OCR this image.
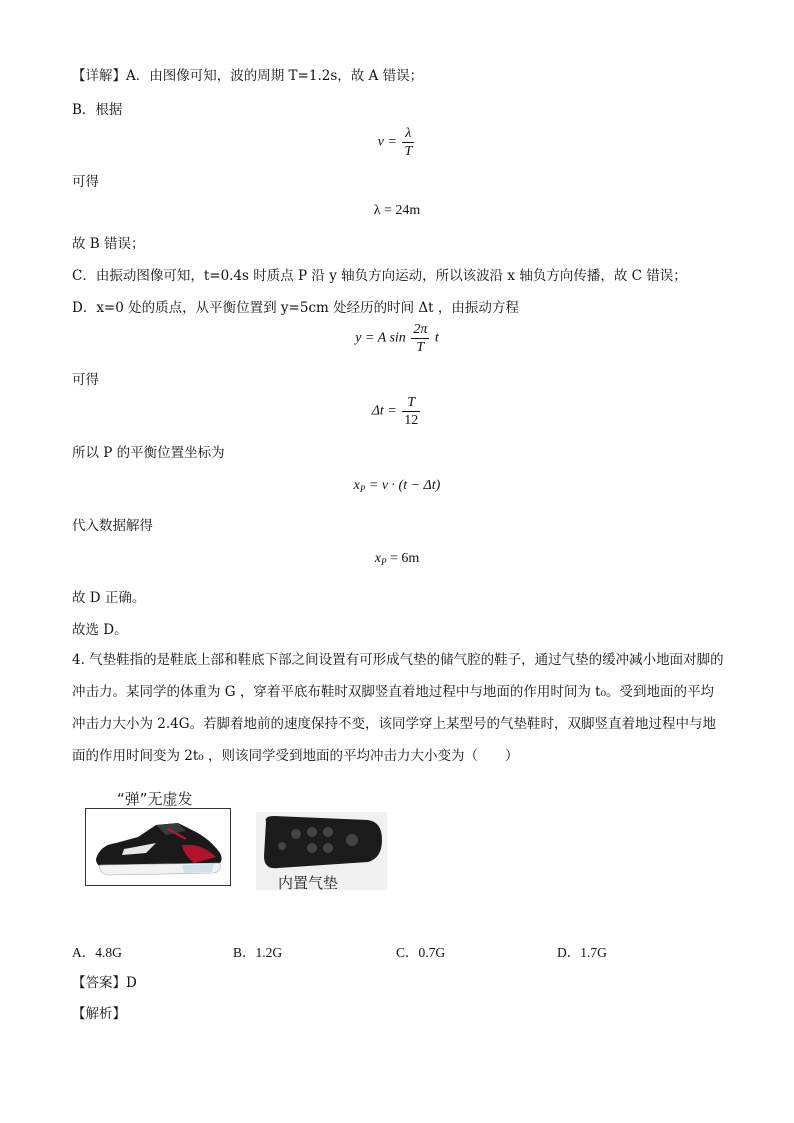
【详解】A．由图像可知，波的周期 T=1.2s，故 A 错误；
B．根据
$v = \frac{\lambda}{T}$
可得
λ = 24m
故 B 错误；
C．由振动图像可知，t=0.4s 时质点 P 沿 y 轴负方向运动，所以该波沿 x 轴负方向传播，故 C 错误；
D．x=0 处的质点，从平衡位置到 y=5cm 处经历的时间 Δt ，由振动方程
y = A $\sin \frac{2\pi}{T}$ t
可得
$\Delta t = \frac{T}{12}$
所以 P 的平衡位置坐标为
$x_P = v \cdot (t - \Delta t)$
代入数据解得
$x_P = 6m$
故 D 正确。
故选 D。
4. 气垫鞋指的是鞋底上部和鞋底下部之间设置有可形成气垫的储气腔的鞋子，通过气垫的缓冲减小地面对脚的冲击力。某同学的体重为 G ，穿着平底布鞋时双脚竖直着地过程中与地面的作用时间为 t₀。受到地面的平均冲击力大小为 2.4G。若脚着地前的速度保持不变，该同学穿上某型号的气垫鞋时，双脚竖直着地过程中与地面的作用时间变为 2t₀ ，则该同学受到地面的平均冲击力大小变为（　　）
“弹”无虚发
内置气垫
A．4.8G	B．1.2G	C．0.7G	D．1.7G
【答案】D
【解析】
